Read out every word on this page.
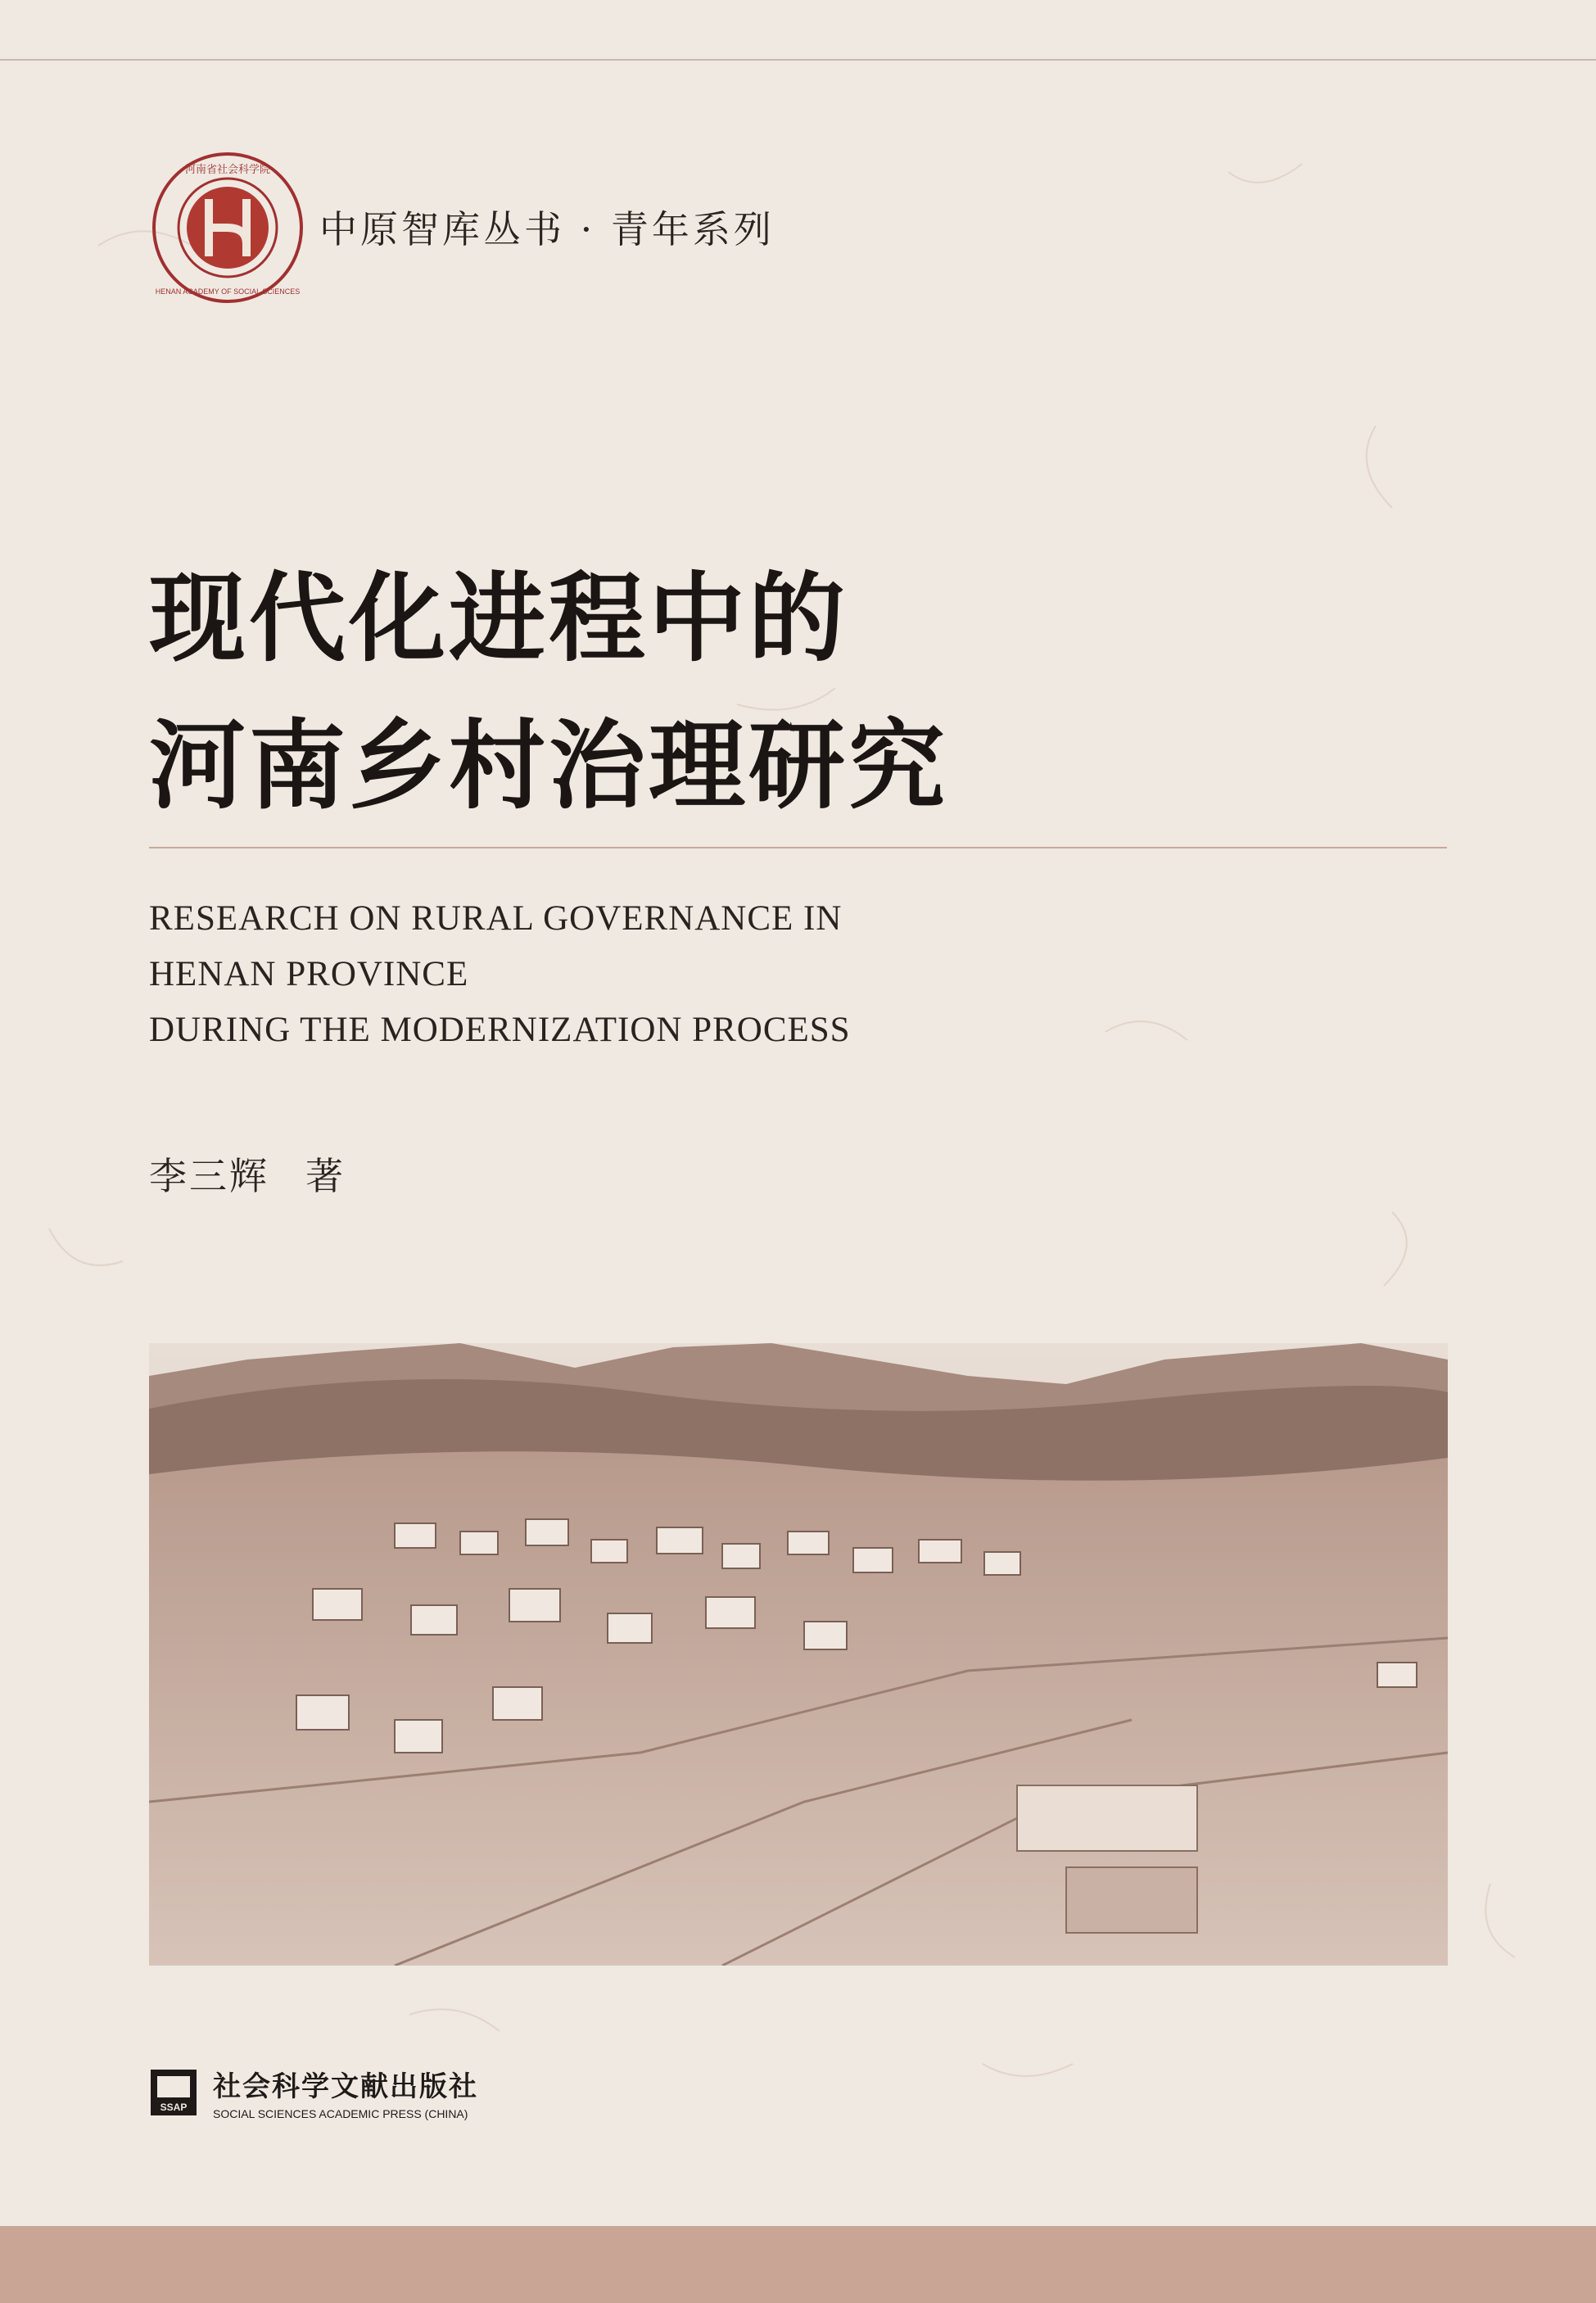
河南省社会科学院
HENAN ACADEMY OF SOCIAL SCIENCES
中原智库丛书 · 青年系列
现代化进程中的
河南乡村治理研究
RESEARCH ON RURAL GOVERNANCE IN
HENAN PROVINCE
DURING THE MODERNIZATION PROCESS
李三辉 著
SSAP
社会科学文献出版社
SOCIAL SCIENCES ACADEMIC PRESS (CHINA)
